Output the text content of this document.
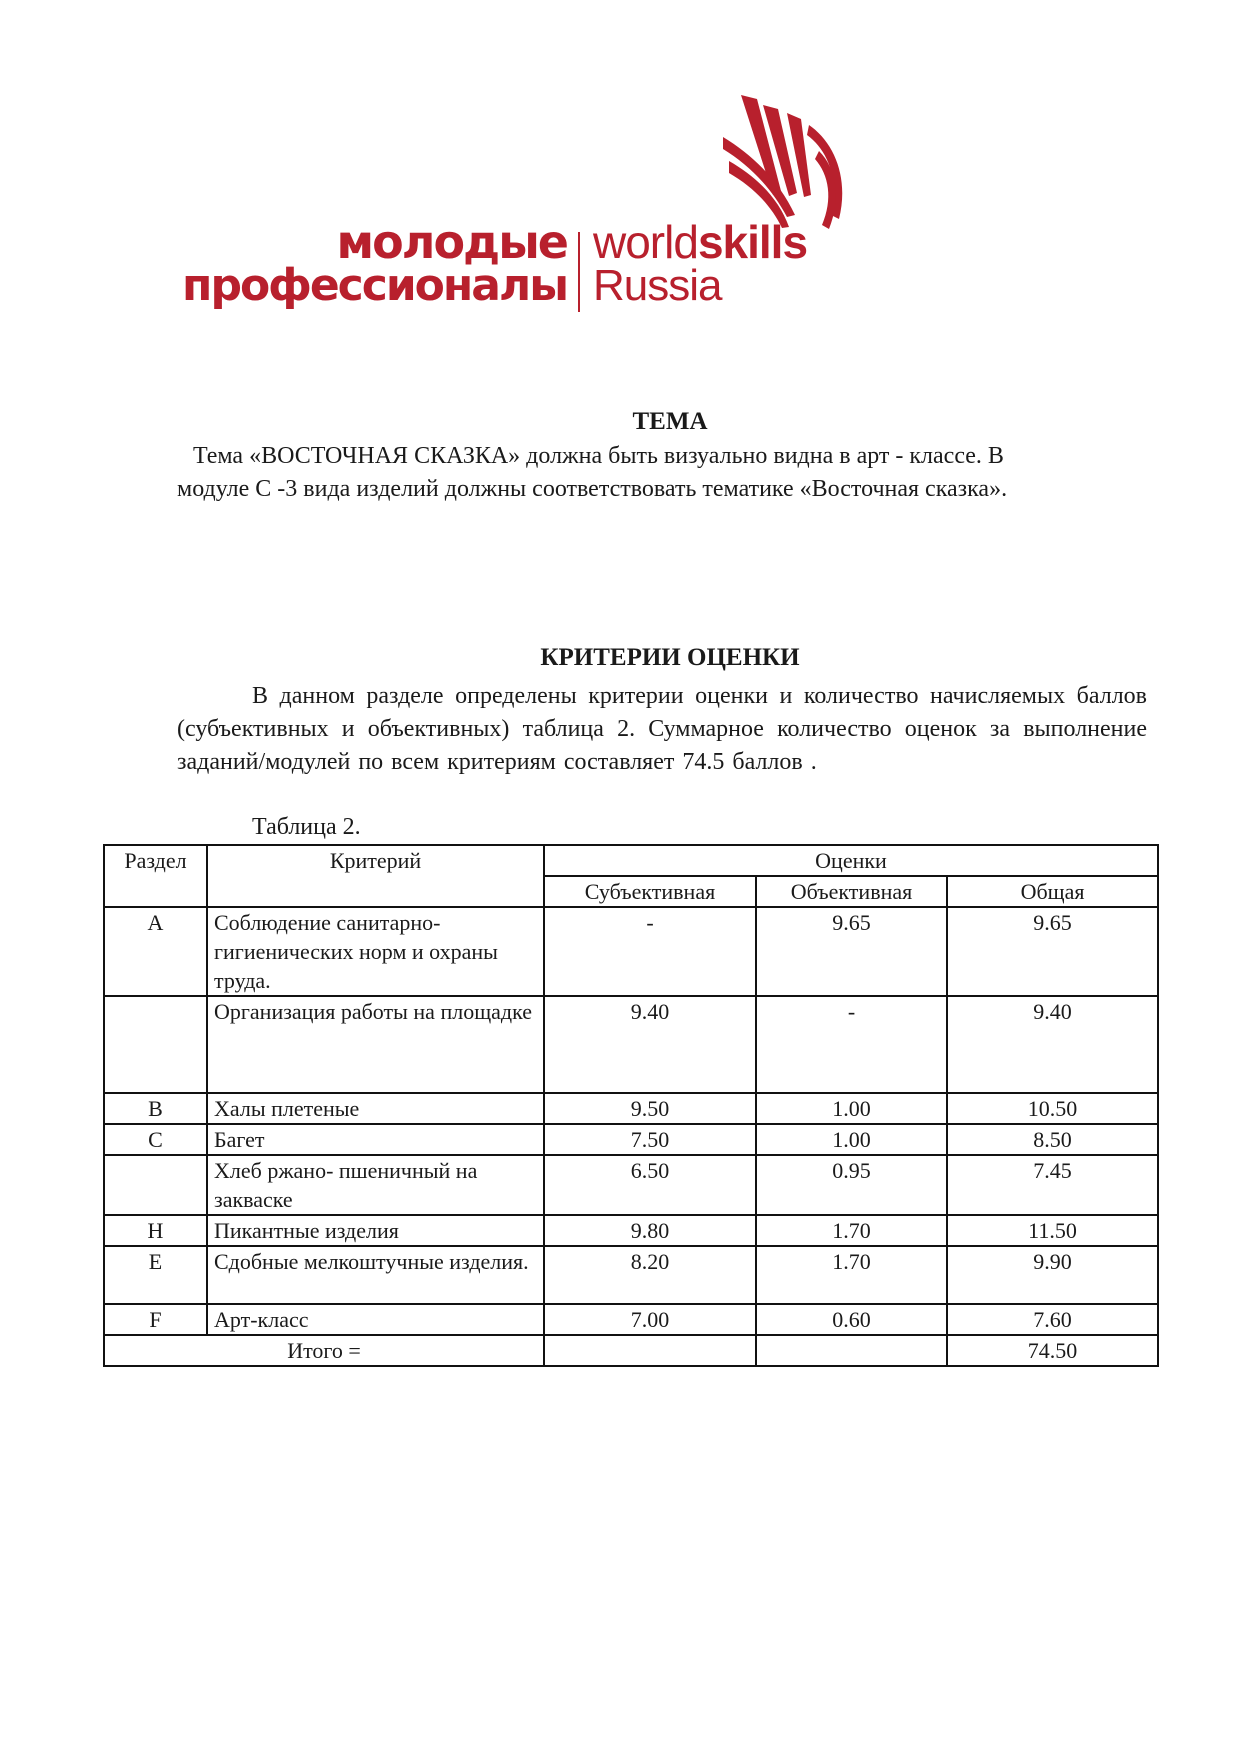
молодые
профессионалы
worldskills
Russia
ТЕМА

Тема «ВОСТОЧНАЯ СКАЗКА» должна быть визуально видна в арт - классе. В модуле С -3 вида изделий должны соответствовать тематике «Восточная сказка».

КРИТЕРИИ ОЦЕНКИ

В данном разделе определены критерии оценки и количество начисляемых баллов (субъективных и объективных) таблица 2. Суммарное количество оценок за выполнение заданий/модулей по всем критериям составляет 74.5 баллов .

Таблица 2.

Раздел	Критерий	Оценки		
		Субъективная	Объективная	Общая
A	Соблюдение санитарно-гигиенических норм и охраны труда.	-	9.65	9.65
	Организация работы на площадке	9.40	-	9.40
B	Халы плетеные	9.50	1.00	10.50
C	Багет	7.50	1.00	8.50
	Хлеб ржано- пшеничный на закваске	6.50	0.95	7.45
H	Пикантные изделия	9.80	1.70	11.50
E	Сдобные мелкоштучные изделия.	8.20	1.70	9.90
F	Арт-класс	7.00	0.60	7.60
Итого =				74.50
